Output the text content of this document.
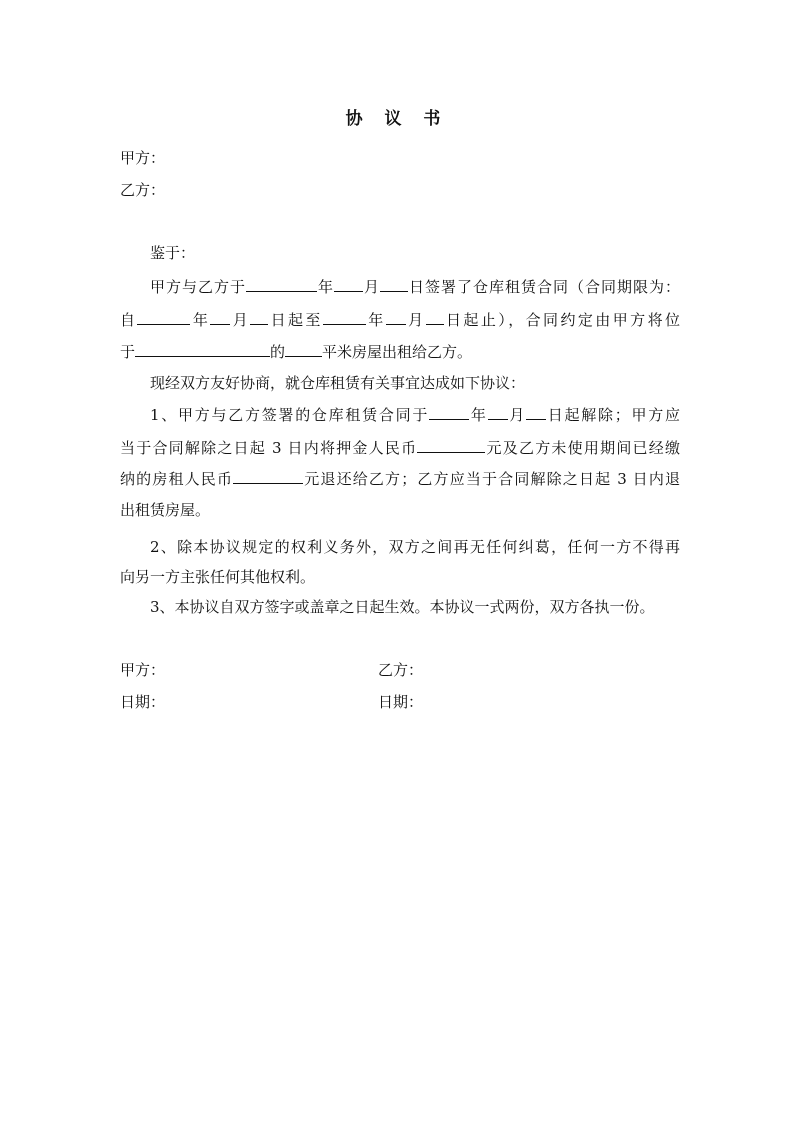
协 议 书
甲方：
乙方：
鉴于：
甲方与乙方于	年 月 日签署了仓库租赁合同（合同期限为：
自	年 月 日起至	年 月 日起止），合同约定由甲方将位
于	的 平米房屋出租给乙方。
现经双方友好协商，就仓库租赁有关事宜达成如下协议：
1、甲方与乙方签署的仓库租赁合同于	年 月 日起解除；甲方应
当于合同解除之日起 3 日内将押金人民币	元及乙方未使用期间已经缴
纳的房租人民币	元退还给乙方；乙方应当于合同解除之日起 3 日内退
出租赁房屋。
2、除本协议规定的权利义务外，双方之间再无任何纠葛，任何一方不得再
向另一方主张任何其他权利。
3、本协议自双方签字或盖章之日起生效。本协议一式两份，双方各执一份。
甲方：	乙方：
日期：	日期：
